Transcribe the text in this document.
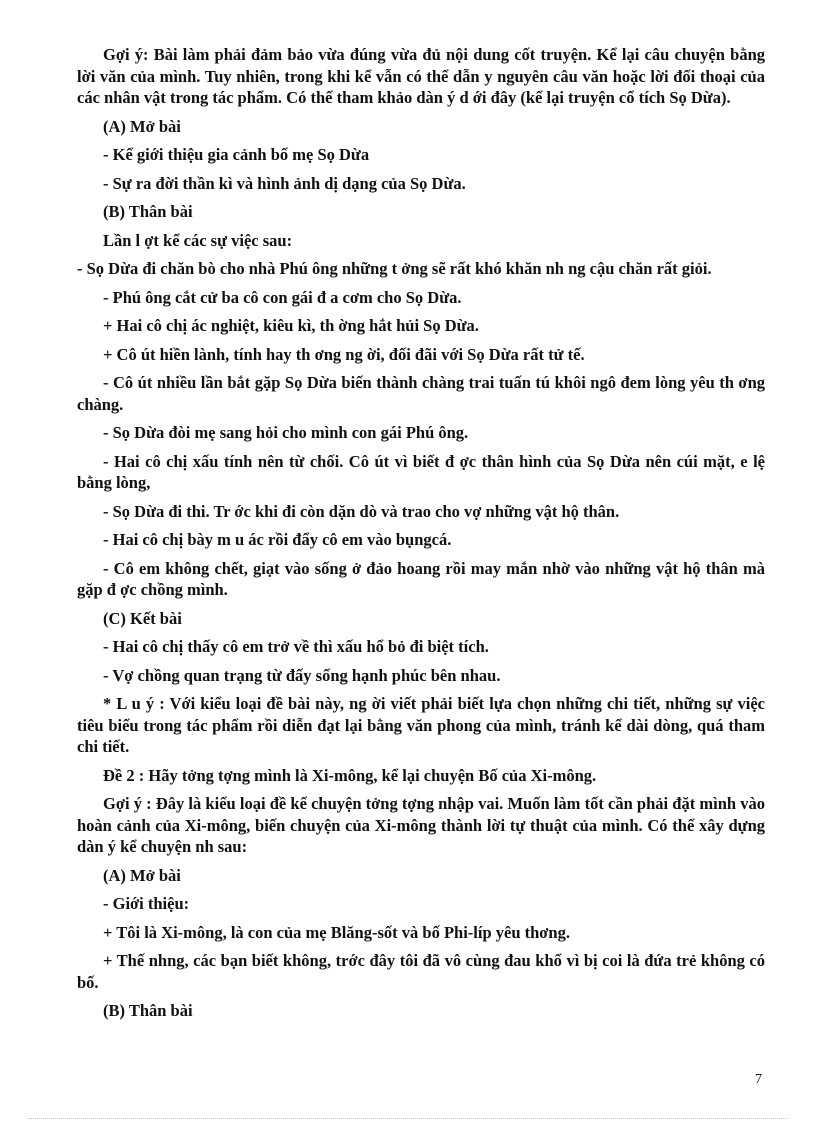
Gợi ý: Bài làm phải đảm bảo vừa đúng vừa đủ nội dung cốt truyện. Kể lại câu chuyện bằng lời văn của mình. Tuy nhiên, trong khi kể vẫn có thể dẫn y nguyên câu văn hoặc lời đối thoại của các nhân vật trong tác phẩm. Có thể tham khảo dàn ý d ới đây (kể lại truyện cổ tích Sọ Dừa).

(A) Mở bài

- Kể giới thiệu gia cảnh bố mẹ Sọ Dừa

- Sự ra đời thần kì và hình ảnh dị dạng của Sọ Dừa.

(B) Thân bài

Lần l ợt kể các sự việc sau:

- Sọ Dừa đi chăn bò cho nhà Phú ông những t ởng sẽ rất khó khăn nh ng cậu chăn rất giỏi.

- Phú ông cắt cử ba cô con gái đ a cơm cho Sọ Dừa.

+ Hai cô chị ác nghiệt, kiêu kì, th ờng hắt hủi Sọ Dừa.

+ Cô út hiền lành, tính hay th ơng ng ời, đối đãi với Sọ Dừa rất tử tế.

- Cô út nhiều lần bắt gặp Sọ Dừa biến thành chàng trai tuấn tú khôi ngô đem lòng yêu th ơng chàng.

- Sọ Dừa đòi mẹ sang hỏi cho mình con gái Phú ông.

- Hai cô chị xấu tính nên từ chối. Cô út vì biết đ ợc thân hình của Sọ Dừa nên cúi mặt, e lệ bằng lòng,

- Sọ Dừa đi thi. Tr ớc khi đi còn dặn dò và trao cho vợ những vật hộ thân.

- Hai cô chị bày m u ác rồi đẩy cô em vào bụngcá.

- Cô em không chết, giạt vào sống ở đảo hoang rồi may mắn nhờ vào những vật hộ thân mà gặp đ ợc chồng mình.

(C) Kết bài

- Hai cô chị thấy cô em trở về thì xấu hổ bỏ đi biệt tích.

- Vợ chồng quan trạng từ đấy sống hạnh phúc bên nhau.

* L u ý : Với kiểu loại đề bài này, ng ời viết phải biết lựa chọn những chi tiết, những sự việc tiêu biểu trong tác phẩm rồi diễn đạt lại bằng văn phong của mình, tránh kể dài dòng, quá tham chi tiết.

Đề 2 : Hãy tởng tợng mình là Xi-mông, kể lại chuyện Bố của Xi-mông.

Gợi ý : Đây là kiểu loại đề kể chuyện tởng tợng nhập vai. Muốn làm tốt cần phải đặt mình vào hoàn cảnh của Xi-mông, biến chuyện của Xi-mông thành lời tự thuật của mình. Có thể xây dựng dàn ý kể chuyện nh sau:

(A) Mở bài

- Giới thiệu:

+ Tôi là Xi-mông, là con của mẹ Blăng-sốt và bố Phi-líp yêu thơng.

+ Thế nhng, các bạn biết không, trớc đây tôi đã vô cùng đau khổ vì bị coi là đứa trẻ không có bố.

(B) Thân bài

7
